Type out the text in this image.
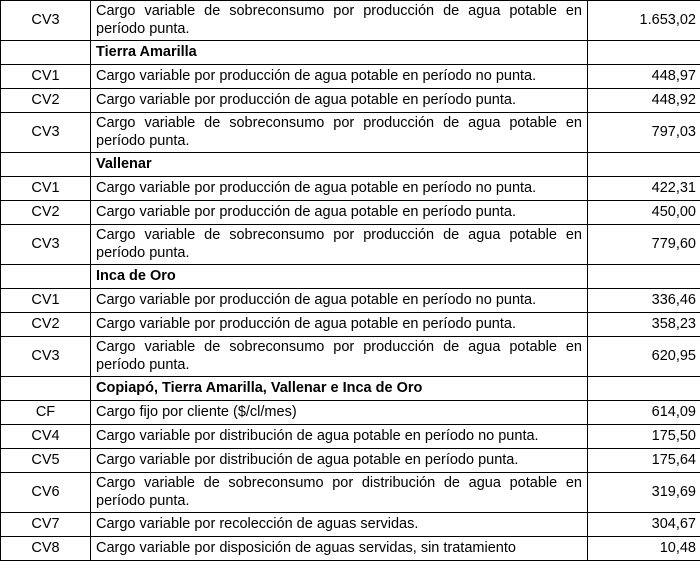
CV3	Cargo variable de sobreconsumo por producción de agua potable en período punta.	1.653,02
	Tierra Amarilla	
CV1	Cargo variable por producción de agua potable en período no punta.	448,97
CV2	Cargo variable por producción de agua potable en período punta.	448,92
CV3	Cargo variable de sobreconsumo por producción de agua potable en período punta.	797,03
	Vallenar	
CV1	Cargo variable por producción de agua potable en período no punta.	422,31
CV2	Cargo variable por producción de agua potable en período punta.	450,00
CV3	Cargo variable de sobreconsumo por producción de agua potable en período punta.	779,60
	Inca de Oro	
CV1	Cargo variable por producción de agua potable en período no punta.	336,46
CV2	Cargo variable por producción de agua potable en período punta.	358,23
CV3	Cargo variable de sobreconsumo por producción de agua potable en período punta.	620,95
	Copiapó, Tierra Amarilla, Vallenar e Inca de Oro	
CF	Cargo fijo por cliente ($/cl/mes)	614,09
CV4	Cargo variable por distribución de agua potable en período no punta.	175,50
CV5	Cargo variable por distribución de agua potable en período punta.	175,64
CV6	Cargo variable de sobreconsumo por distribución de agua potable en período punta.	319,69
CV7	Cargo variable por recolección de aguas servidas.	304,67
CV8	Cargo variable por disposición de aguas servidas, sin tratamiento	10,48
